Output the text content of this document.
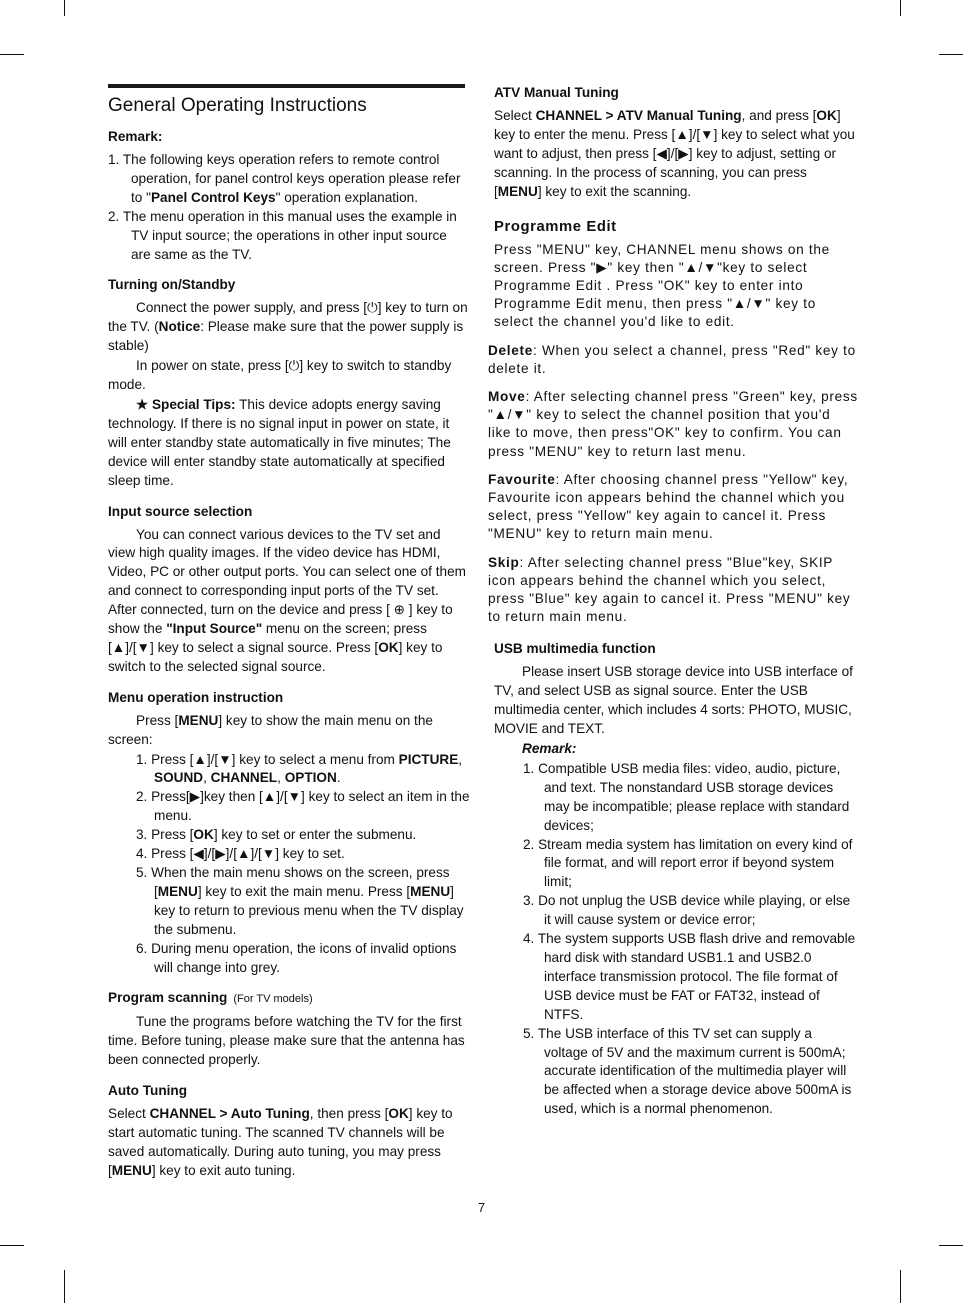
General Operating Instructions
Remark:

1. The following keys operation refers to remote control operation, for panel control keys operation please refer to "Panel Control Keys" operation explanation.

2. The menu operation in this manual uses the example in TV input source; the operations in other input source are same as the TV.

Turning on/Standby

Connect the power supply, and press [⏻] key to turn on the TV. (Notice: Please make sure that the power supply is stable)

In power on state, press [⏻] key to switch to standby mode.

★ Special Tips: This device adopts energy saving technology. If there is no signal input in power on state, it will enter standby state automatically in five minutes; The device will enter standby state automatically at specified sleep time.

Input source selection

You can connect various devices to the TV set and view high quality images. If the video device has HDMI, Video, PC or other output ports. You can select one of them and connect to corresponding input ports of the TV set. After connected, turn on the device and press [ ⊕ ] key to show the "Input Source" menu on the screen; press [▲]/[▼] key to select a signal source. Press [OK] key to switch to the selected signal source.

Menu operation instruction

Press [MENU] key to show the main menu on the screen:

1. Press [▲]/[▼] key to select a menu from PICTURE, SOUND, CHANNEL, OPTION.

2. Press[▶]key then [▲]/[▼] key to select an item in the menu.

3. Press [OK] key to set or enter the submenu.

4. Press [◀]/[▶]/[▲]/[▼] key to set.

5. When the main menu shows on the screen, press [MENU] key to exit the main menu. Press [MENU] key to return to previous menu when the TV display the submenu.

6. During menu operation, the icons of invalid options will change into grey.

Program scanning (For TV models)

Tune the programs before watching the TV for the first time. Before tuning, please make sure that the antenna has been connected properly.

Auto Tuning

Select CHANNEL > Auto Tuning, then press [OK] key to start automatic tuning. The scanned TV channels will be saved automatically. During auto tuning, you may press [MENU] key to exit auto tuning.

ATV Manual Tuning

Select CHANNEL > ATV Manual Tuning, and press [OK] key to enter the menu. Press [▲]/[▼] key to select what you want to adjust, then press [◀]/[▶] key to adjust, setting or scanning. In the process of scanning, you can press [MENU] key to exit the scanning.

Programme Edit

Press "MENU" key, CHANNEL menu shows on the screen. Press "▶" key then "▲/▼"key to select Programme Edit . Press "OK" key to enter into Programme Edit menu, then press "▲/▼" key to select the channel you'd like to edit.

Delete: When you select a channel, press "Red" key to delete it.

Move: After selecting channel press "Green" key, press "▲/▼" key to select the channel position that you'd like to move, then press"OK" key to confirm. You can press "MENU" key to return last menu.

Favourite: After choosing channel press "Yellow" key, Favourite icon appears behind the channel which you select, press "Yellow" key again to cancel it. Press "MENU" key to return main menu.

Skip: After selecting channel press "Blue"key, SKIP icon appears behind the channel which you select, press "Blue" key again to cancel it. Press "MENU" key to return main menu.

USB multimedia function

Please insert USB storage device into USB interface of TV, and select USB as signal source. Enter the USB multimedia center, which includes 4 sorts: PHOTO, MUSIC, MOVIE and TEXT.

Remark:

1. Compatible USB media files: video, audio, picture, and text. The nonstandard USB storage devices may be incompatible; please replace with standard devices;

2. Stream media system has limitation on every kind of file format, and will report error if beyond system limit;

3. Do not unplug the USB device while playing, or else it will cause system or device error;

4. The system supports USB flash drive and removable hard disk with standard USB1.1 and USB2.0 interface transmission protocol. The file format of USB device must be FAT or FAT32, instead of NTFS.

5. The USB interface of this TV set can supply a voltage of 5V and the maximum current is 500mA; accurate identification of the multimedia player will be affected when a storage device above 500mA is used, which is a normal phenomenon.

7
